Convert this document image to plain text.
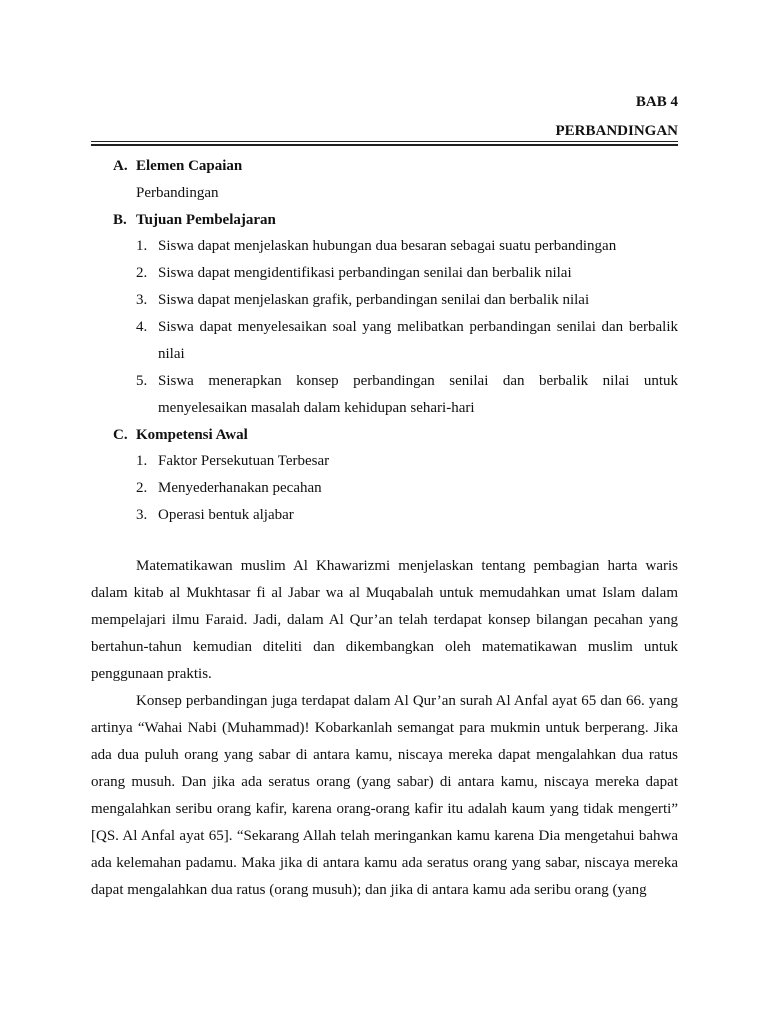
BAB 4
PERBANDINGAN
A. Elemen Capaian
Perbandingan
B. Tujuan Pembelajaran
1. Siswa dapat menjelaskan hubungan dua besaran sebagai suatu perbandingan
2. Siswa dapat mengidentifikasi perbandingan senilai dan berbalik nilai
3. Siswa dapat menjelaskan grafik, perbandingan senilai dan berbalik nilai
4. Siswa dapat menyelesaikan soal yang melibatkan perbandingan senilai dan berbalik
nilai
5. Siswa menerapkan konsep perbandingan senilai dan berbalik nilai untuk
menyelesaikan masalah dalam kehidupan sehari-hari
C. Kompetensi Awal
1. Faktor Persekutuan Terbesar
2. Menyederhanakan pecahan
3. Operasi bentuk aljabar

Matematikawan muslim Al Khawarizmi menjelaskan tentang pembagian harta waris dalam kitab al Mukhtasar fi al Jabar wa al Muqabalah untuk memudahkan umat Islam dalam mempelajari ilmu Faraid. Jadi, dalam Al Qur’an telah terdapat konsep bilangan pecahan yang bertahun-tahun kemudian diteliti dan dikembangkan oleh matematikawan muslim untuk penggunaan praktis.

Konsep perbandingan juga terdapat dalam Al Qur’an surah Al Anfal ayat 65 dan 66. yang artinya “Wahai Nabi (Muhammad)! Kobarkanlah semangat para mukmin untuk berperang. Jika ada dua puluh orang yang sabar di antara kamu, niscaya mereka dapat mengalahkan dua ratus orang musuh. Dan jika ada seratus orang (yang sabar) di antara kamu, niscaya mereka dapat mengalahkan seribu orang kafir, karena orang-orang kafir itu adalah kaum yang tidak mengerti” [QS. Al Anfal ayat 65]. “Sekarang Allah telah meringankan kamu karena Dia mengetahui bahwa ada kelemahan padamu. Maka jika di antara kamu ada seratus orang yang sabar, niscaya mereka dapat mengalahkan dua ratus (orang musuh); dan jika di antara kamu ada seribu orang (yang
